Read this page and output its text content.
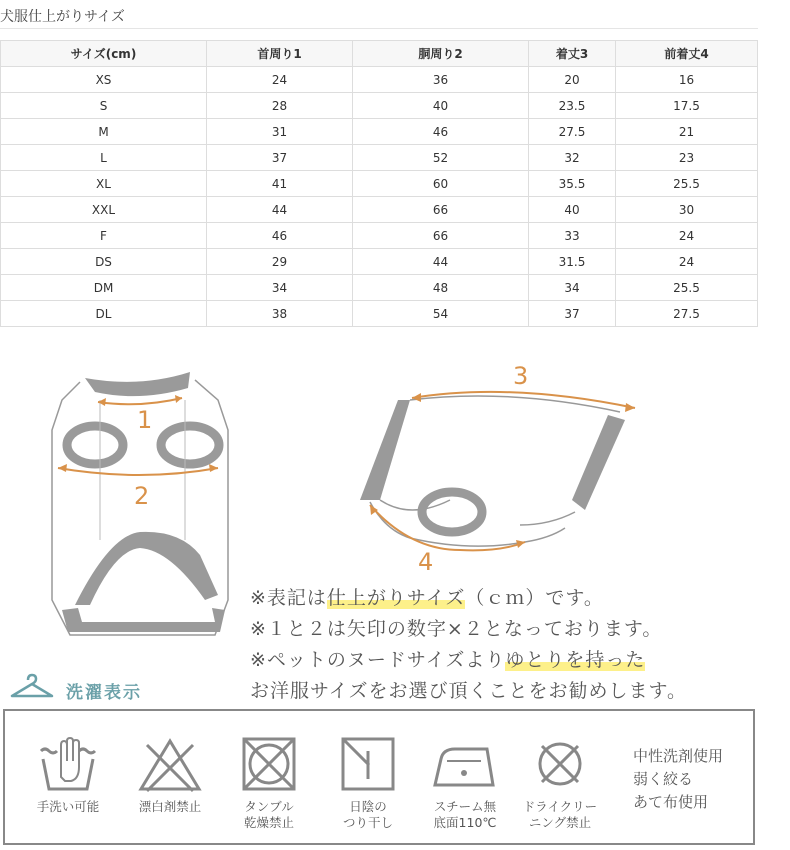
犬服仕上がりサイズ
サイズ(cm)	首周り1	胴周り2	着丈3	前着丈4
XS	24	36	20	16
S	28	40	23.5	17.5
M	31	46	27.5	21
L	37	52	32	23
XL	41	60	35.5	25.5
XXL	44	66	40	30
F	46	66	33	24
DS	29	44	31.5	24
DM	34	48	34	25.5
DL	38	54	37	27.5
1
2
3
4
※表記は仕上がりサイズ（ｃｍ）です。
※１と２は矢印の数字×２となっております。
※ペットのヌードサイズよりゆとりを持った
お洋服サイズをお選び頂くことをお勧めします。
洗濯表示
手洗い可能	漂白剤禁止	タンブル
乾燥禁止
日陰の
つり干し
スチーム無
底面110℃
ドライクリー
ニング禁止
中性洗剤使用
弱く絞る
あて布使用
